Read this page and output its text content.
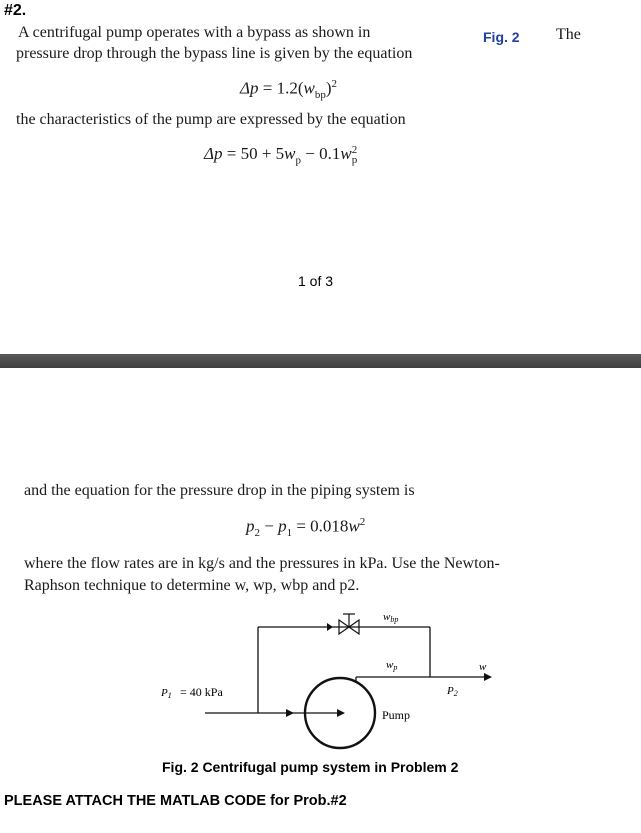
#2.
A centrifugal pump operates with a bypass as shown in	Fig. 2 The
pressure drop through the bypass line is given by the equation
$\Delta p = 1.2(w_{bp})^2$
the characteristics of the pump are expressed by the equation
$\Delta p = 50 + 5w_p - 0.1w$ 2
p
1 of 3
and the equation for the pressure drop in the piping system is
$p_2 - p_1 = 0.018w^2$
where the flow rates are in kg/s and the pressures in kPa. Use the Newton-
Raphson technique to determine w, wp, wbp and p2.
wbp
wp	w
P2
P1 = 40 kPa
Pump
Fig. 2 Centrifugal pump system in Problem 2
PLEASE ATTACH THE MATLAB CODE for Prob.#2
